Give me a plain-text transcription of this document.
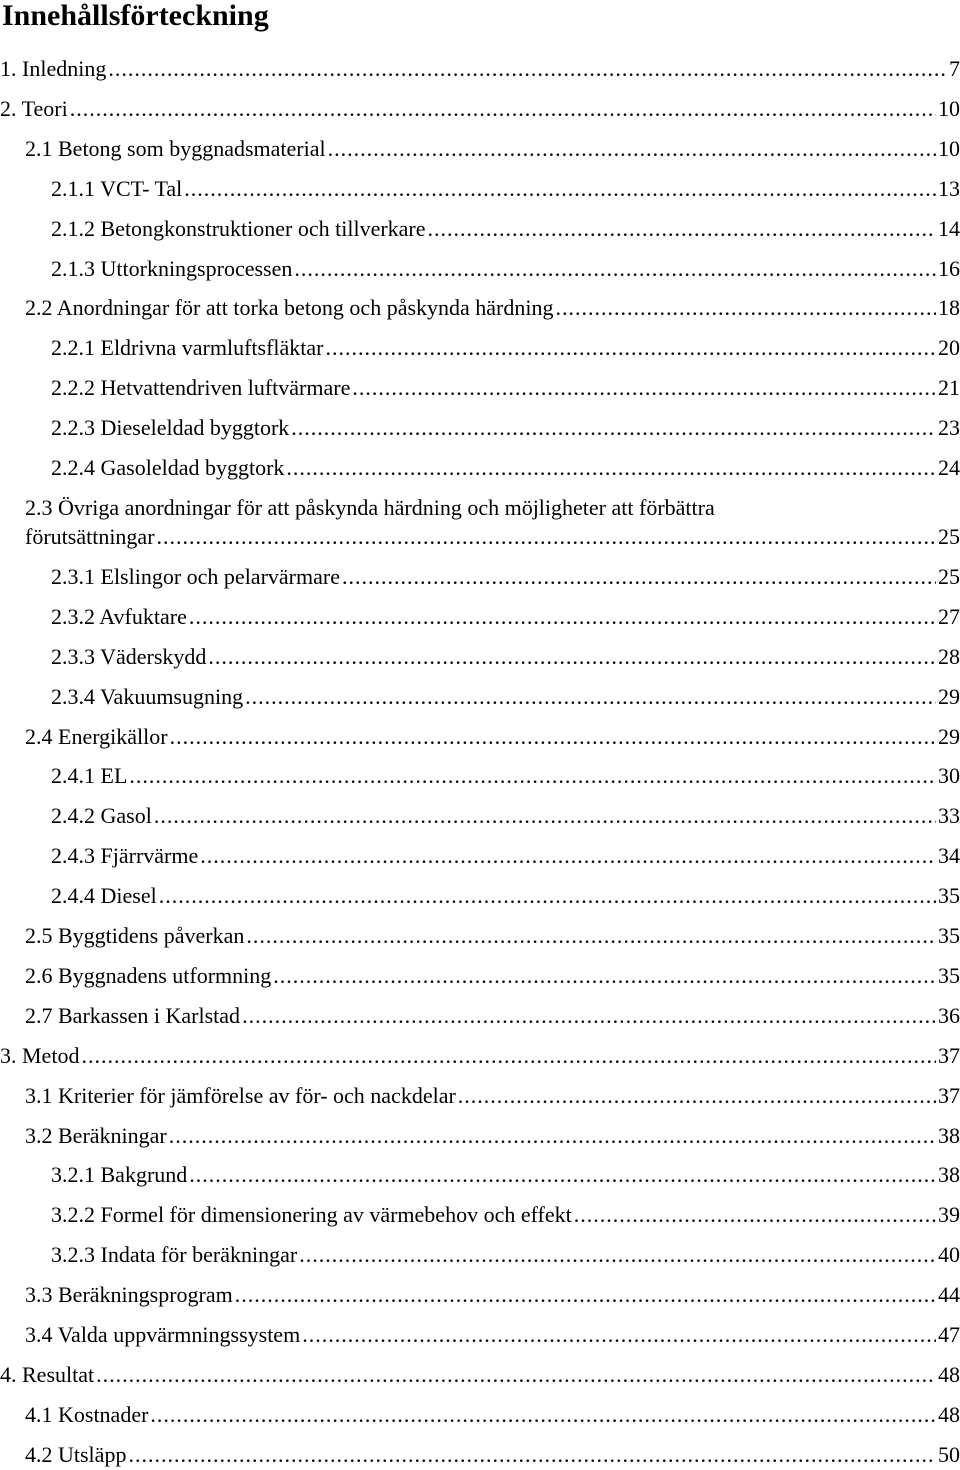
Innehållsförteckning
1. Inledning .....	7
2. Teori .....	10
2.1 Betong som byggnadsmaterial .....	10
2.1.1 VCT- Tal .....	13
2.1.2 Betongkonstruktioner och tillverkare .....	14
2.1.3 Uttorkningsprocessen .....	16
2.2 Anordningar för att torka betong och påskynda härdning .....	18
2.2.1 Eldrivna varmluftsfläktar .....	20
2.2.2 Hetvattendriven luftvärmare .....	21
2.2.3 Dieseleldad byggtork .....	23
2.2.4 Gasoleldad byggtork .....	24
2.3 Övriga anordningar för att påskynda härdning och möjligheter att förbättra
förutsättningar .....	25
2.3.1 Elslingor och pelarvärmare .....	25
2.3.2 Avfuktare .....	27
2.3.3 Väderskydd .....	28
2.3.4 Vakuumsugning .....	29
2.4 Energikällor .....	29
2.4.1 EL .....	30
2.4.2 Gasol .....	33
2.4.3 Fjärrvärme .....	34
2.4.4 Diesel .....	35
2.5 Byggtidens påverkan .....	35
2.6 Byggnadens utformning .....	35
2.7 Barkassen i Karlstad .....	36
3. Metod .....	37
3.1 Kriterier för jämförelse av för- och nackdelar .....	37
3.2 Beräkningar .....	38
3.2.1 Bakgrund .....	38
3.2.2 Formel för dimensionering av värmebehov och effekt .....	39
3.2.3 Indata för beräkningar .....	40
3.3 Beräkningsprogram .....	44
3.4 Valda uppvärmningssystem .....	47
4. Resultat .....	48
4.1 Kostnader .....	48
4.2 Utsläpp .....	50
